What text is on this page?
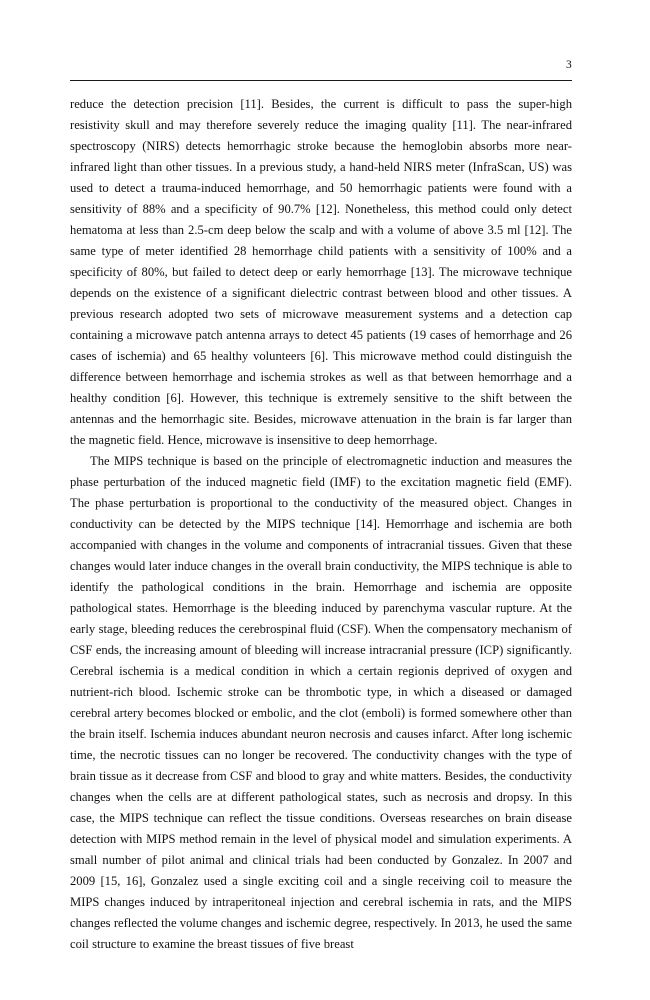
3

reduce the detection precision [11]. Besides, the current is difficult to pass the super-high resistivity skull and may therefore severely reduce the imaging quality [11]. The near-infrared spectroscopy (NIRS) detects hemorrhagic stroke because the hemoglobin absorbs more near-infrared light than other tissues. In a previous study, a hand-held NIRS meter (InfraScan, US) was used to detect a trauma-induced hemorrhage, and 50 hemorrhagic patients were found with a sensitivity of 88% and a specificity of 90.7% [12]. Nonetheless, this method could only detect hematoma at less than 2.5-cm deep below the scalp and with a volume of above 3.5 ml [12]. The same type of meter identified 28 hemorrhage child patients with a sensitivity of 100% and a specificity of 80%, but failed to detect deep or early hemorrhage [13]. The microwave technique depends on the existence of a significant dielectric contrast between blood and other tissues. A previous research adopted two sets of microwave measurement systems and a detection cap containing a microwave patch antenna arrays to detect 45 patients (19 cases of hemorrhage and 26 cases of ischemia) and 65 healthy volunteers [6]. This microwave method could distinguish the difference between hemorrhage and ischemia strokes as well as that between hemorrhage and a healthy condition [6]. However, this technique is extremely sensitive to the shift between the antennas and the hemorrhagic site. Besides, microwave attenuation in the brain is far larger than the magnetic field. Hence, microwave is insensitive to deep hemorrhage.

The MIPS technique is based on the principle of electromagnetic induction and measures the phase perturbation of the induced magnetic field (IMF) to the excitation magnetic field (EMF). The phase perturbation is proportional to the conductivity of the measured object. Changes in conductivity can be detected by the MIPS technique [14]. Hemorrhage and ischemia are both accompanied with changes in the volume and components of intracranial tissues. Given that these changes would later induce changes in the overall brain conductivity, the MIPS technique is able to identify the pathological conditions in the brain. Hemorrhage and ischemia are opposite pathological states. Hemorrhage is the bleeding induced by parenchyma vascular rupture. At the early stage, bleeding reduces the cerebrospinal fluid (CSF). When the compensatory mechanism of CSF ends, the increasing amount of bleeding will increase intracranial pressure (ICP) significantly. Cerebral ischemia is a medical condition in which a certain regionis deprived of oxygen and nutrient-rich blood. Ischemic stroke can be thrombotic type, in which a diseased or damaged cerebral artery becomes blocked or embolic, and the clot (emboli) is formed somewhere other than the brain itself. Ischemia induces abundant neuron necrosis and causes infarct. After long ischemic time, the necrotic tissues can no longer be recovered. The conductivity changes with the type of brain tissue as it decrease from CSF and blood to gray and white matters. Besides, the conductivity changes when the cells are at different pathological states, such as necrosis and dropsy. In this case, the MIPS technique can reflect the tissue conditions. Overseas researches on brain disease detection with MIPS method remain in the level of physical model and simulation experiments. A small number of pilot animal and clinical trials had been conducted by Gonzalez. In 2007 and 2009 [15, 16], Gonzalez used a single exciting coil and a single receiving coil to measure the MIPS changes induced by intraperitoneal injection and cerebral ischemia in rats, and the MIPS changes reflected the volume changes and ischemic degree, respectively. In 2013, he used the same coil structure to examine the breast tissues of five breast
